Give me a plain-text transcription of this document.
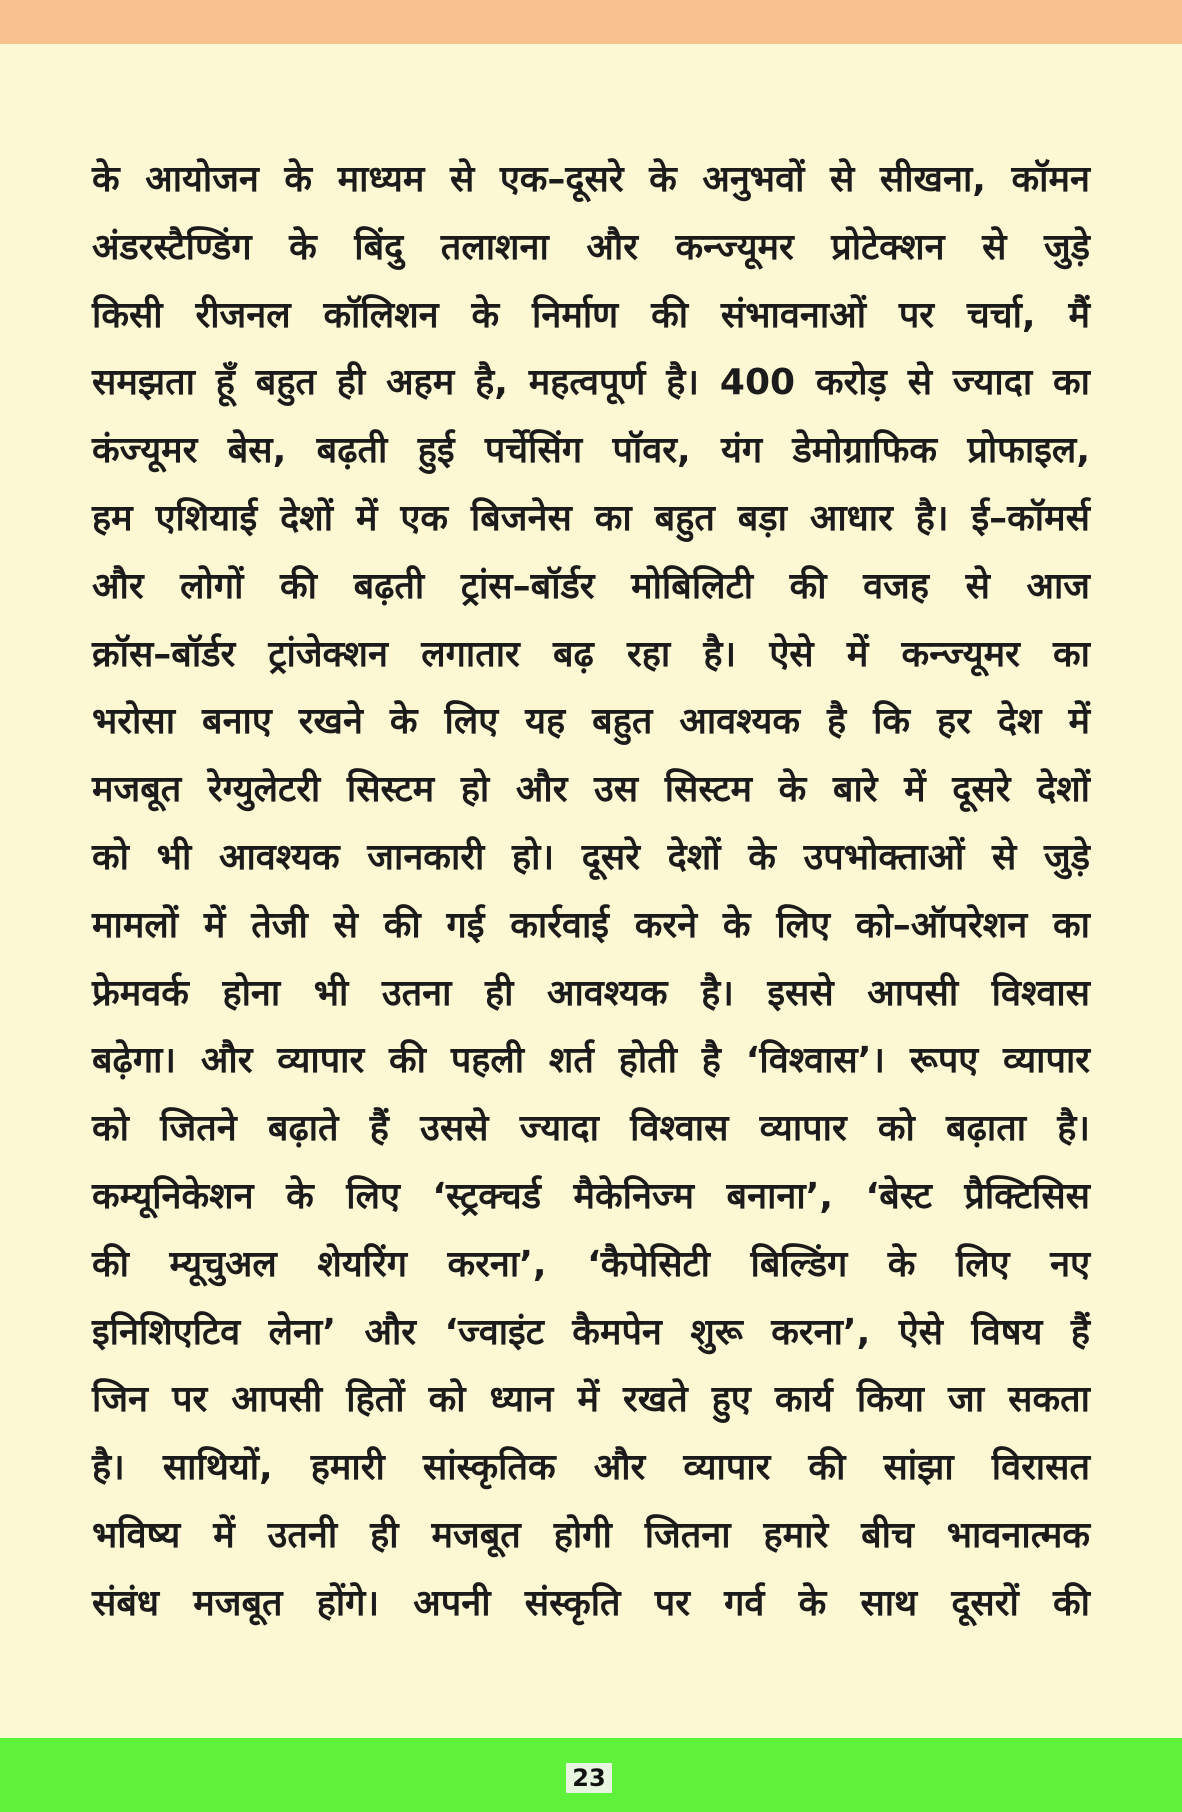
के आयोजन के माध्यम से एक–दूसरे के अनुभवों से सीखना, कॉमन
अंडरस्टैण्डिंग के बिंदु तलाशना और कन्ज्यूमर प्रोटेक्शन से जुड़े
किसी रीजनल कॉलिशन के निर्माण की संभावनाओं पर चर्चा, मैं
समझता हूँ बहुत ही अहम है, महत्वपूर्ण है। 400 करोड़ से ज्यादा का
कंज्यूमर बेस, बढ़ती हुई पर्चेसिंग पॉवर, यंग डेमोग्राफिक प्रोफाइल,
हम एशियाई देशों में एक बिजनेस का बहुत बड़ा आधार है। ई–कॉमर्स
और लोगों की बढ़ती ट्रांस–बॉर्डर मोबिलिटी की वजह से आज
क्रॉस–बॉर्डर ट्रांजेक्शन लगातार बढ़ रहा है। ऐसे में कन्ज्यूमर का
भरोसा बनाए रखने के लिए यह बहुत आवश्यक है कि हर देश में
मजबूत रेग्युलेटरी सिस्टम हो और उस सिस्टम के बारे में दूसरे देशों
को भी आवश्यक जानकारी हो। दूसरे देशों के उपभोक्ताओं से जुड़े
मामलों में तेजी से की गई कार्रवाई करने के लिए को–ऑपरेशन का
फ्रेमवर्क होना भी उतना ही आवश्यक है। इससे आपसी विश्वास
बढ़ेगा। और व्यापार की पहली शर्त होती है ‘विश्वास’। रूपए व्यापार
को जितने बढ़ाते हैं उससे ज्यादा विश्वास व्यापार को बढ़ाता है।
कम्यूनिकेशन के लिए ‘स्ट्रक्चर्ड मैकेनिज्म बनाना’, ‘बेस्ट प्रैक्टिसिस
की म्यूचुअल शेयरिंग करना’, ‘कैपेसिटी बिल्डिंग के लिए नए
इनिशिएटिव लेना’ और ‘ज्वाइंट कैमपेन शुरू करना’, ऐसे विषय हैं
जिन पर आपसी हितों को ध्यान में रखते हुए कार्य किया जा सकता
है। साथियों, हमारी सांस्कृतिक और व्यापार की सांझा विरासत
भविष्य में उतनी ही मजबूत होगी जितना हमारे बीच भावनात्मक
संबंध मजबूत होंगे। अपनी संस्कृति पर गर्व के साथ दूसरों की
23
